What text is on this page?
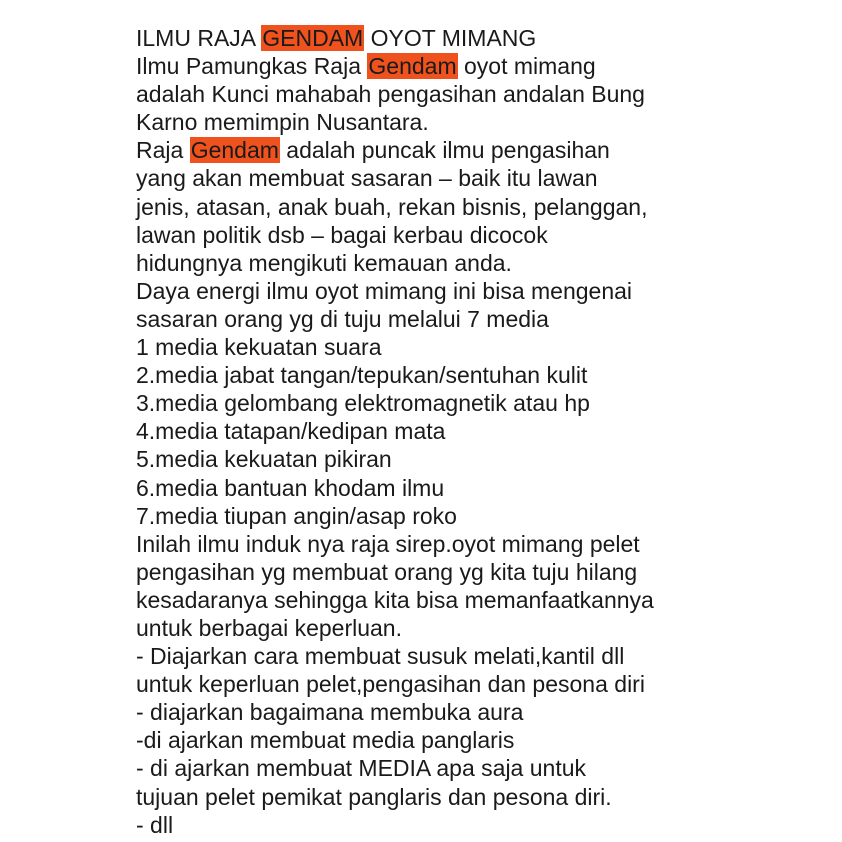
ILMU RAJA GENDAM OYOT MIMANG
Ilmu Pamungkas Raja Gendam oyot mimang
adalah Kunci mahabah pengasihan andalan Bung
Karno memimpin Nusantara.
Raja Gendam adalah puncak ilmu pengasihan
yang akan membuat sasaran – baik itu lawan
jenis, atasan, anak buah, rekan bisnis, pelanggan,
lawan politik dsb – bagai kerbau dicocok
hidungnya mengikuti kemauan anda.
Daya energi ilmu oyot mimang ini bisa mengenai
sasaran orang yg di tuju melalui 7 media
1 media kekuatan suara
2.media jabat tangan/tepukan/sentuhan kulit
3.media gelombang elektromagnetik atau hp
4.media tatapan/kedipan mata
5.media kekuatan pikiran
6.media bantuan khodam ilmu
7.media tiupan angin/asap roko
Inilah ilmu induk nya raja sirep.oyot mimang pelet
pengasihan yg membuat orang yg kita tuju hilang
kesadaranya sehingga kita bisa memanfaatkannya
untuk berbagai keperluan.
- Diajarkan cara membuat susuk melati,kantil dll
untuk keperluan pelet,pengasihan dan pesona diri
- diajarkan bagaimana membuka aura
-di ajarkan membuat media panglaris
- di ajarkan membuat MEDIA apa saja untuk
tujuan pelet pemikat panglaris dan pesona diri.
- dll
